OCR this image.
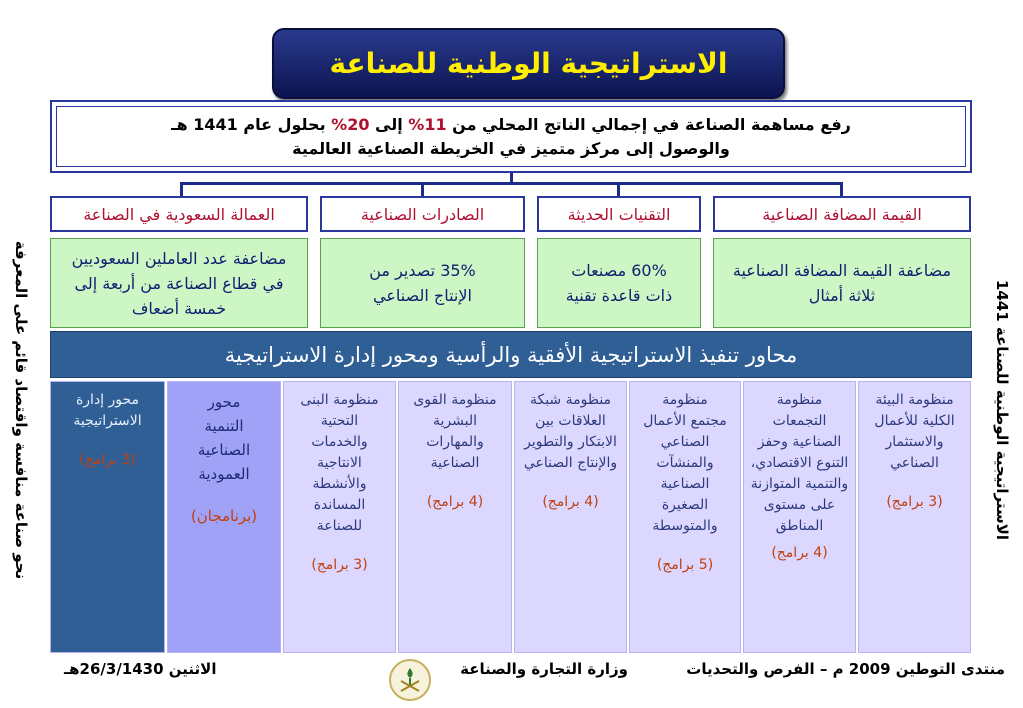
الاستراتيجية الوطنية للصناعة
رفع مساهمة الصناعة في إجمالي الناتج المحلي من 11% إلى 20% بحلول عام 1441 هـ
والوصول إلى مركز متميز في الخريطة الصناعية العالمية
القيمة المضافة الصناعية
التقنيات الحديثة
الصادرات الصناعية
العمالة السعودية في الصناعة
مضاعفة القيمة المضافة الصناعية ثلاثة أمثال
60% مصنعات ذات قاعدة تقنية
35% تصدير من الإنتاج الصناعي
مضاعفة عدد العاملين السعوديين في قطاع الصناعة من أربعة إلى خمسة أضعاف
محاور تنفيذ الاستراتيجية الأفقية والرأسية ومحور إدارة الاستراتيجية
منظومة البيئة الكلية للأعمال والاستثمار الصناعي
(3 برامج)
منظومة التجمعات الصناعية وحفز التنوع الاقتصادي، والتنمية المتوازنة على مستوى المناطق
(4 برامج)
منظومة مجتمع الأعمال الصناعي والمنشآت الصناعية الصغيرة والمتوسطة
(5 برامج)
منظومة شبكة العلاقات بين الابتكار والتطوير والإنتاج الصناعي
(4 برامج)
منظومة القوى البشرية والمهارات الصناعية
(4 برامج)
منظومة البنى التحتية والخدمات الانتاجية والأنشطة المساندة للصناعة
(3 برامج)
محور التنمية الصناعية العمودية
(برنامجان)
محور إدارة الاستراتيجية
(3 برامج)
نحو صناعة منافسة واقتصاد قائم على المعرفة	الاستراتيجية الوطنية للصناعة 1441
منتدى التوطين 2009 م – الفرص والتحديات
وزارة التجارة والصناعة
الاثنين 26/3/1430هـ
